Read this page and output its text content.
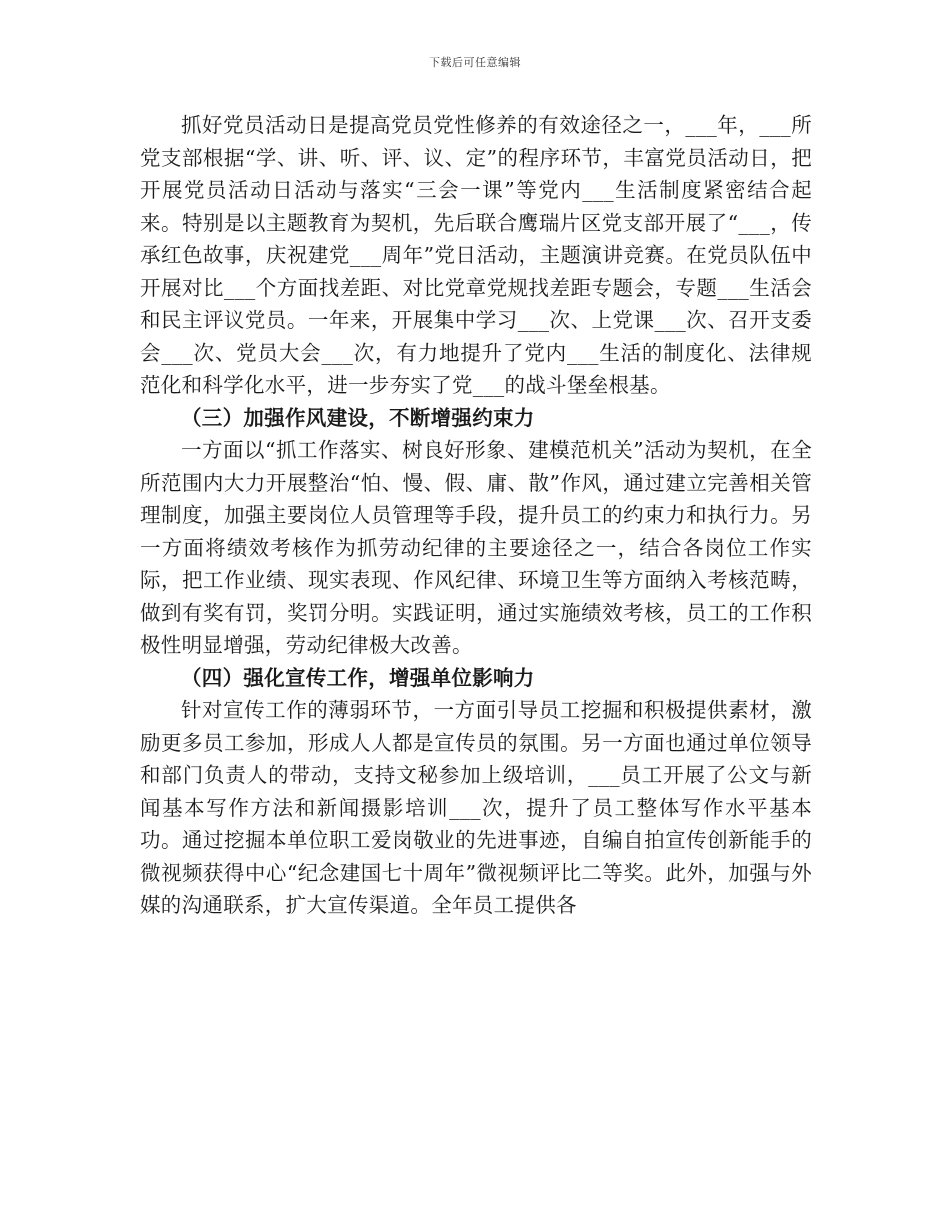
下载后可任意编辑

抓好党员活动日是提高党员党性修养的有效途径之一，___年，___所党支部根据“学、讲、听、评、议、定”的程序环节，丰富党员活动日，把开展党员活动日活动与落实“三会一课”等党内___生活制度紧密结合起来。特别是以主题教育为契机，先后联合鹰瑞片区党支部开展了“___，传承红色故事，庆祝建党___周年”党日活动，主题演讲竞赛。在党员队伍中开展对比___个方面找差距、对比党章党规找差距专题会，专题___生活会和民主评议党员。一年来，开展集中学习___次、上党课___次、召开支委会___次、党员大会___次，有力地提升了党内___生活的制度化、法律规范化和科学化水平，进一步夯实了党___的战斗堡垒根基。

（三）加强作风建设，不断增强约束力

一方面以“抓工作落实、树良好形象、建模范机关”活动为契机，在全所范围内大力开展整治“怕、慢、假、庸、散”作风，通过建立完善相关管理制度，加强主要岗位人员管理等手段，提升员工的约束力和执行力。另一方面将绩效考核作为抓劳动纪律的主要途径之一，结合各岗位工作实际，把工作业绩、现实表现、作风纪律、环境卫生等方面纳入考核范畴，做到有奖有罚，奖罚分明。实践证明，通过实施绩效考核，员工的工作积极性明显增强，劳动纪律极大改善。

（四）强化宣传工作，增强单位影响力

针对宣传工作的薄弱环节，一方面引导员工挖掘和积极提供素材，激励更多员工参加，形成人人都是宣传员的氛围。另一方面也通过单位领导和部门负责人的带动，支持文秘参加上级培训，___员工开展了公文与新闻基本写作方法和新闻摄影培训___次，提升了员工整体写作水平基本功。通过挖掘本单位职工爱岗敬业的先进事迹，自编自拍宣传创新能手的微视频获得中心“纪念建国七十周年”微视频评比二等奖。此外，加强与外媒的沟通联系，扩大宣传渠道。全年员工提供各
